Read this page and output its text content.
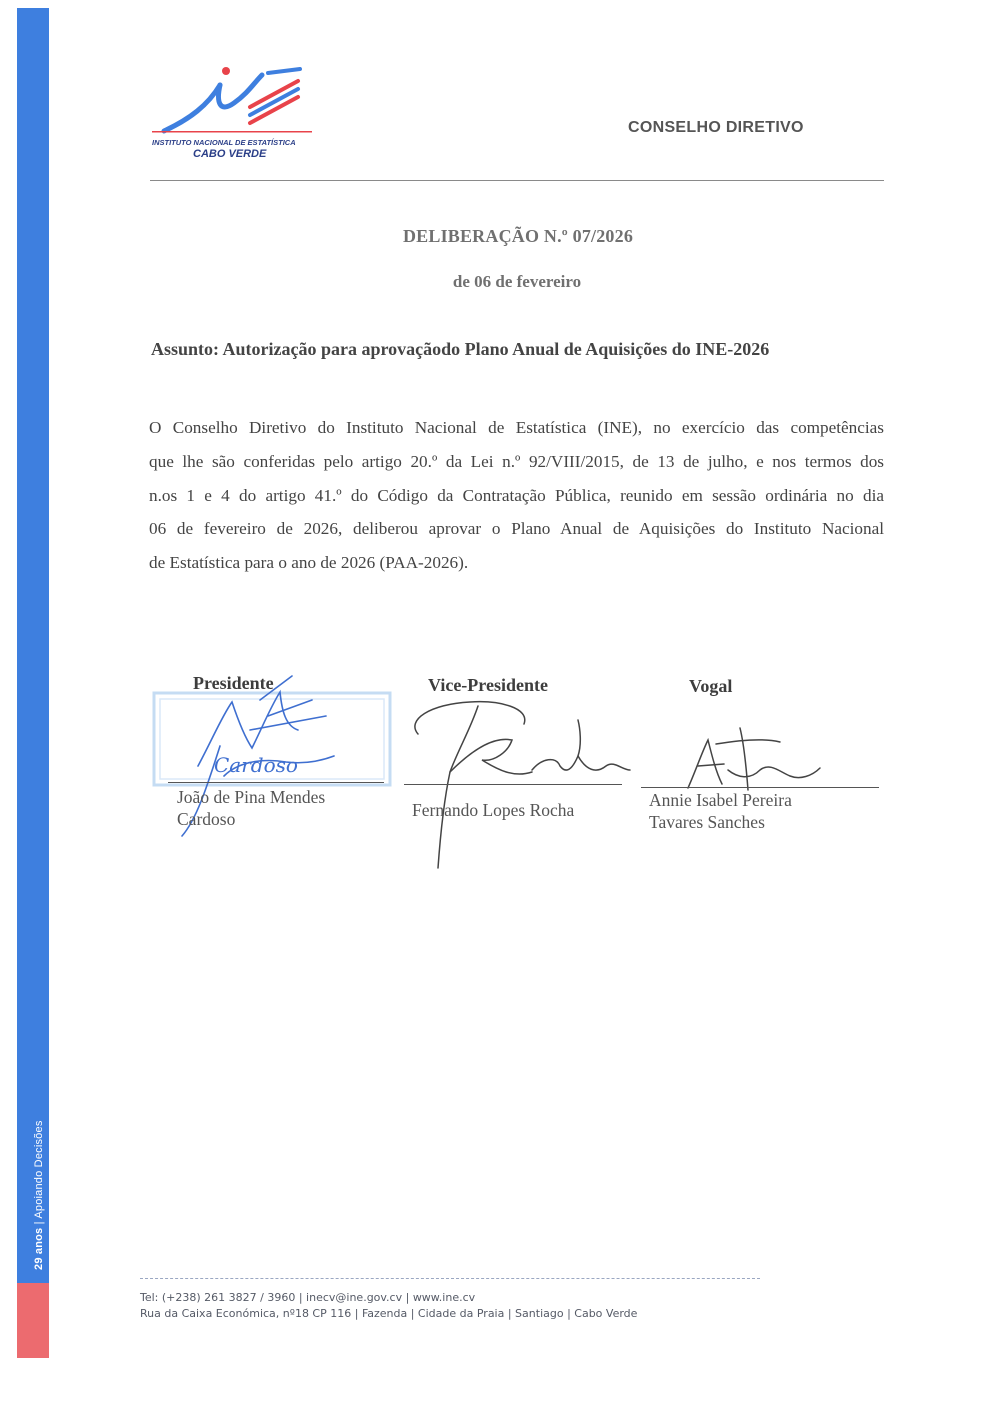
29 anos | Apoiando Decisões
INSTITUTO NACIONAL DE ESTATÍSTICA
CABO VERDE
CONSELHO DIRETIVO
DELIBERAÇÃO N.º 07/2026
de 06 de fevereiro
Assunto: Autorização para aprovaçãodo Plano Anual de Aquisições do INE-2026
O Conselho Diretivo do Instituto Nacional de Estatística (INE), no exercício das competências
que lhe são conferidas pelo artigo 20.º da Lei n.º 92/VIII/2015, de 13 de julho, e nos termos dos
n.os 1 e 4 do artigo 41.º do Código da Contratação Pública, reunido em sessão ordinária no dia
06 de fevereiro de 2026, deliberou aprovar o Plano Anual de Aquisições do Instituto Nacional
de Estatística para o ano de 2026 (PAA-2026).
Cardoso
Presidente
João de Pina Mendes
Cardoso
Vice-Presidente
Fernando Lopes Rocha
Vogal
Annie Isabel Pereira
Tavares Sanches
Tel: (+238) 261 3827 / 3960 | inecv@ine.gov.cv | www.ine.cv
Rua da Caixa Económica, nº18 CP 116 | Fazenda | Cidade da Praia | Santiago | Cabo Verde
